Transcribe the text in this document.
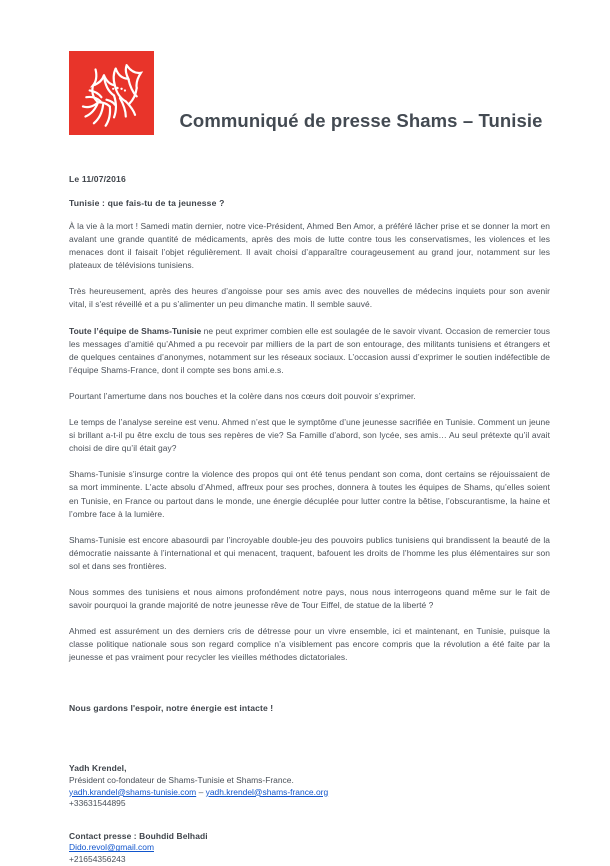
Communiqué de presse Shams – Tunisie
Le 11/07/2016
Tunisie : que fais-tu de ta jeunesse ?

À la vie à la mort ! Samedi matin dernier, notre vice-Président, Ahmed Ben Amor, a préféré lâcher prise et se donner la mort en avalant une grande quantité de médicaments, après des mois de lutte contre tous les conservatismes, les violences et les menaces dont il faisait l’objet régulièrement. Il avait choisi d’apparaître courageusement au grand jour, notamment sur les plateaux de télévisions tunisiens.

Très heureusement, après des heures d’angoisse pour ses amis avec des nouvelles de médecins inquiets pour son avenir vital, il s'est réveillé et a pu s’alimenter un peu dimanche matin. Il semble sauvé.

Toute l’équipe de Shams-Tunisie ne peut exprimer combien elle est soulagée de le savoir vivant. Occasion de remercier tous les messages d’amitié qu’Ahmed a pu recevoir par milliers de la part de son entourage, des militants tunisiens et étrangers et de quelques centaines d’anonymes, notamment sur les réseaux sociaux. L’occasion aussi d’exprimer le soutien indéfectible de l’équipe Shams-France, dont il compte ses bons ami.e.s.

Pourtant l’amertume dans nos bouches et la colère dans nos cœurs doit pouvoir s’exprimer.

Le temps de l’analyse sereine est venu. Ahmed n’est que le symptôme d’une jeunesse sacrifiée en Tunisie. Comment un jeune si brillant a-t-il pu être exclu de tous ses repères de vie? Sa Famille d’abord, son lycée, ses amis… Au seul prétexte qu’il avait choisi de dire qu’il était gay?

Shams-Tunisie s’insurge contre la violence des propos qui ont été tenus pendant son coma, dont certains se réjouissaient de sa mort imminente. L'acte absolu d’Ahmed, affreux pour ses proches, donnera à toutes les équipes de Shams, qu’elles soient en Tunisie, en France ou partout dans le monde, une énergie décuplée pour lutter contre la bêtise, l’obscurantisme, la haine et l’ombre face à la lumière.

Shams-Tunisie est encore abasourdi par l’incroyable double-jeu des pouvoirs publics tunisiens qui brandissent la beauté de la démocratie naissante à l’international et qui menacent, traquent, bafouent les droits de l’homme les plus élémentaires sur son sol et dans ses frontières.

Nous sommes des tunisiens et nous aimons profondément notre pays, nous nous interrogeons quand même sur le fait de savoir pourquoi la grande majorité de notre jeunesse rêve de Tour Eiffel, de statue de la liberté ?

Ahmed est assurément un des derniers cris de détresse pour un vivre ensemble, ici et maintenant, en Tunisie, puisque la classe politique nationale sous son regard complice n’a visiblement pas encore compris que la révolution a été faite par la jeunesse et pas vraiment pour recycler les vieilles méthodes dictatoriales.

Nous gardons l'espoir, notre énergie est intacte !
Yadh Krendel,
Président co-fondateur de Shams-Tunisie et Shams-France.
yadh.krandel@shams-tunisie.com – yadh.krendel@shams-france.org
+33631544895
Contact presse : Bouhdid Belhadi
Dido.revol@gmail.com
+21654356243
